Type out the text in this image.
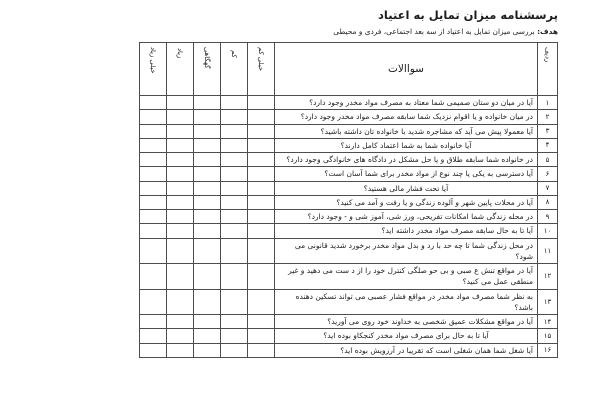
پرسشنامه میزان تمایل به اعتیاد
هدف: بررسی میزان تمایل به اعتیاد از سه بعد اجتماعی، فردی و محیطی
ردیف	سواالات	خیلی کم	کم	گهگاهی	زیاد	خیلی زیاد
۱	آیا در میان دو ستان صمیمی شما معتاد به مصرف مواد مخدر وجود دارد؟					
۲	در میان خانواده و یا اقوام نزدیک شما سابقه مصرف مواد مخدر وجود دارد؟					
۳	آیا معمولا پیش می آید که مشاجره شدید با خانواده تان داشته باشید؟					
۴	آیا خانواده شما به شما اعتماد کامل دارند؟					
۵	در خانواده شما سابقه طلاق و یا حل مشکل در دادگاه های خانوادگی وجود دارد؟					
۶	آیا دسترسی به یکی یا چند نوع از مواد مخدر برای شما آسان است؟					
۷	آیا تحت فشار مالی هستید؟					
۸	آیا در محلات پایین شهر و آلوده زندگی و یا رفت و آمد می کنید؟					
۹	در محله زندگی شما امکانات تفریحی، ورز شی، آموز شی و - وجود دارد؟					
۱۰	آیا تا به حال سابقه مصرف مواد مخدر داشته اید؟					
۱۱	در محل زندگی شما تا چه حد با رد و بدل مواد مخدر برخورد شدید قانونی می شود؟					
۱۲	آیا در مواقع تنش ع صبی و بی حو صلگی کنترل خود را از د ست می دهید و غیر منطقی عمل می کنید؟					
۱۳	به نظر شما مصرف مواد مخدر در مواقع فشار عصبی می تواند تسکین دهنده باشد؟					
۱۴	آیا در مواقع مشکلات عمیق شخصی به خداوند خود روی می آورید؟					
۱۵	آیا تا به حال برای مصرف مواد مخدر کنجکاو بوده اید؟					
۱۶	آیا شغل شما همان شغلی است که تقریبا در آرزویش بوده اید؟					
